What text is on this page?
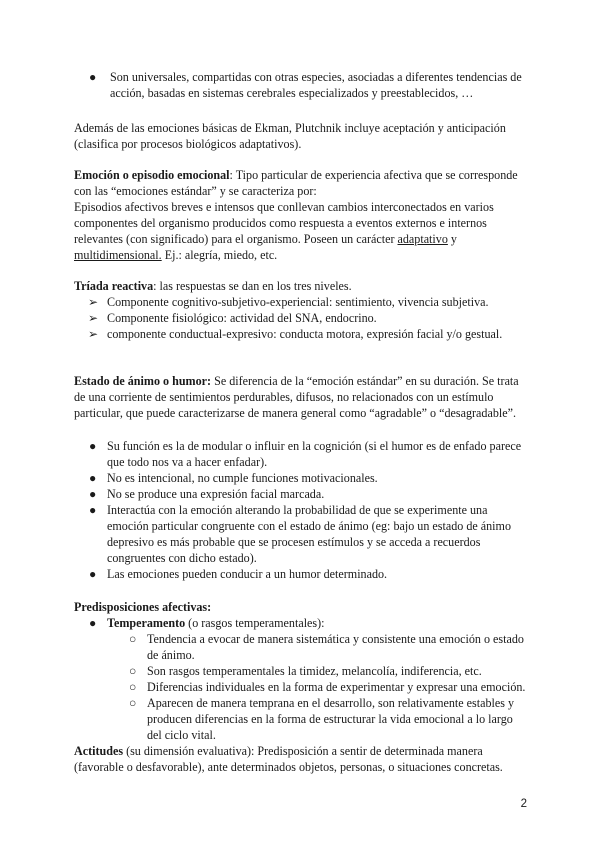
● Son universales, compartidas con otras especies, asociadas a diferentes tendencias de acción, basadas en sistemas cerebrales especializados y preestablecidos, …

Además de las emociones básicas de Ekman, Plutchnik incluye aceptación y anticipación (clasifica por procesos biológicos adaptativos).

Emoción o episodio emocional: Tipo particular de experiencia afectiva que se corresponde con las “emociones estándar” y se caracteriza por:

Episodios afectivos breves e intensos que conllevan cambios interconectados en varios componentes del organismo producidos como respuesta a eventos externos e internos relevantes (con significado) para el organismo. Poseen un carácter adaptativo y multidimensional. Ej.: alegría, miedo, etc.

Tríada reactiva: las respuestas se dan en los tres niveles.

➢ Componente cognitivo-subjetivo-experiencial: sentimiento, vivencia subjetiva.

➢ Componente fisiológico: actividad del SNA, endocrino.

➢ componente conductual-expresivo: conducta motora, expresión facial y/o gestual.

Estado de ánimo o humor: Se diferencia de la “emoción estándar” en su duración. Se trata de una corriente de sentimientos perdurables, difusos, no relacionados con un estímulo particular, que puede caracterizarse de manera general como “agradable” o “desagradable”.

● Su función es la de modular o influir en la cognición (si el humor es de enfado parece que todo nos va a hacer enfadar).

● No es intencional, no cumple funciones motivacionales.

● No se produce una expresión facial marcada.

● Interactúa con la emoción alterando la probabilidad de que se experimente una emoción particular congruente con el estado de ánimo (eg: bajo un estado de ánimo depresivo es más probable que se procesen estímulos y se acceda a recuerdos congruentes con dicho estado).

● Las emociones pueden conducir a un humor determinado.

Predisposiciones afectivas:

● Temperamento (o rasgos temperamentales):

○ Tendencia a evocar de manera sistemática y consistente una emoción o estado de ánimo.

○ Son rasgos temperamentales la timidez, melancolía, indiferencia, etc.

○ Diferencias individuales en la forma de experimentar y expresar una emoción.

○ Aparecen de manera temprana en el desarrollo, son relativamente estables y producen diferencias en la forma de estructurar la vida emocional a lo largo del ciclo vital.

Actitudes (su dimensión evaluativa): Predisposición a sentir de determinada manera (favorable o desfavorable), ante determinados objetos, personas, o situaciones concretas.

2
